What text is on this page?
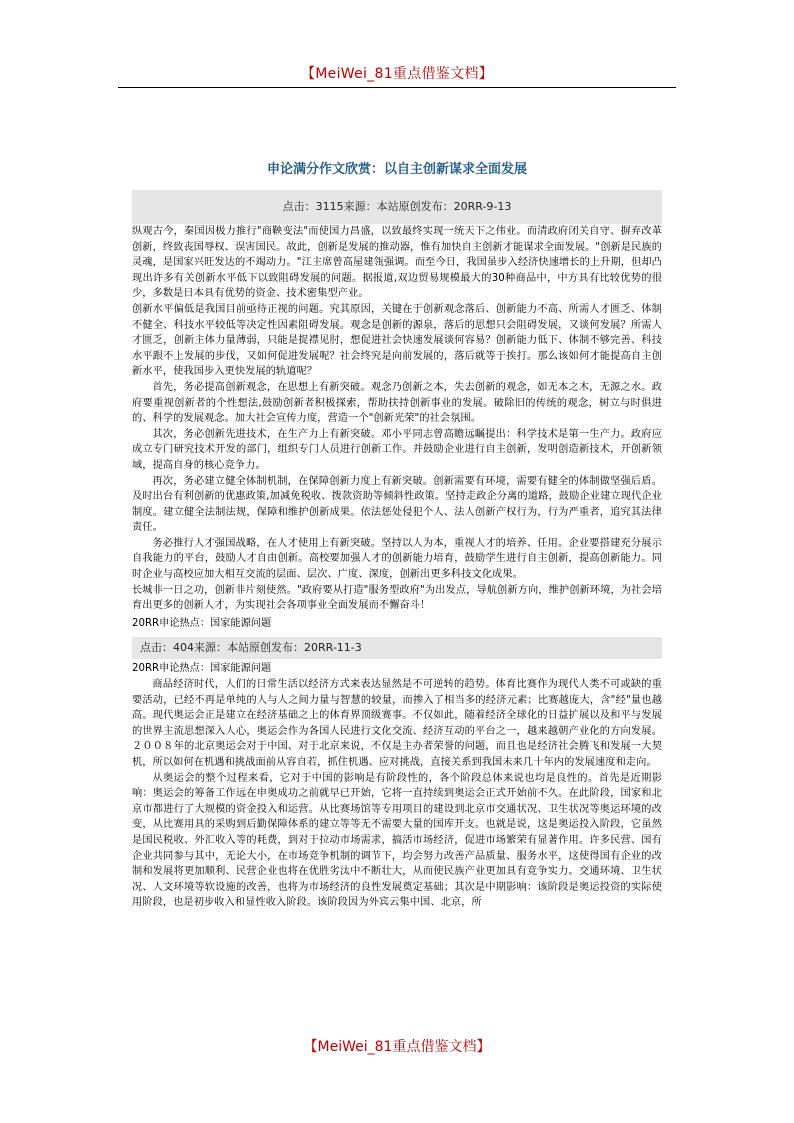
【MeiWei_81重点借鉴文档】
申论满分作文欣赏：以自主创新谋求全面发展
点击：3115来源：本站原创发布：20RR-9-13

纵观古今，秦国因极力推行"商鞅变法"而使国力昌盛，以致最终实现一统天下之伟业。而清政府闭关自守、摒弃改革创新，终致丧国辱权、误害国民。故此，创新是发展的推动器，惟有加快自主创新才能谋求全面发展。"创新是民族的灵魂，是国家兴旺发达的不竭动力。"江主席曾高屋建瓴强调。而至今日，我国虽步入经济快速增长的上升期，但却凸现出许多有关创新水平低下以致阻碍发展的问题。据报道,双边贸易规模最大的30种商品中，中方具有比较优势的很少，多数是日本具有优势的资金、技术密集型产业。

创新水平偏低是我国目前亟待正视的问题。究其原因，关键在于创新观念落后、创新能力不高、所需人才匮乏、体制不健全、科技水平较低等决定性因素阻碍发展。观念是创新的源泉，落后的思想只会阻碍发展，又谈何发展？所需人才匮乏，创新主体力量薄弱，只能是捉襟见肘，想促进社会快速发展谈何容易？创新能力低下、体制不够完善、科技水平跟不上发展的步伐，又如何促进发展呢？社会终究是向前发展的，落后就等于挨打。那么该如何才能提高自主创新水平，使我国步入更快发展的轨道呢？

首先，务必提高创新观念，在思想上有新突破。观念乃创新之本，失去创新的观念，如无本之木，无源之水。政府要重视创新者的个性想法,鼓励创新者积极探索，帮助扶持创新事业的发展。破除旧的传统的观念，树立与时俱进的、科学的发展观念。加大社会宣传力度，营造一个"创新光荣"的社会氛围。

其次，务必创新先进技术，在生产力上有新突破。邓小平同志曾高瞻远瞩提出：科学技术是第一生产力。政府应成立专门研究技术开发的部门，组织专门人员进行创新工作。并鼓励企业进行自主创新，发明创造新技术，开创新领域，提高自身的核心竞争力。

再次，务必建立健全体制机制，在保障创新力度上有新突破。创新需要有环境，需要有健全的体制做坚强后盾。及时出台有利创新的优惠政策,加减免税收、拨款资助等倾斜性政策。坚持走政企分离的道路，鼓励企业建立现代企业制度。建立健全法制法规，保障和维护创新成果。依法惩处侵犯个人、法人创新产权行为，行为严重者，追究其法律责任。

务必推行人才强国战略，在人才使用上有新突破。坚持以人为本，重视人才的培养、任用。企业要搭建充分展示自我能力的平台，鼓励人才自由创新。高校要加强人才的创新能力培育，鼓励学生进行自主创新，提高创新能力。同时企业与高校应加大相互交流的层面、层次、广度、深度，创新出更多科技文化成果。

长城非一日之功，创新非片刻使然。"政府要从打造"服务型政府"为出发点，导航创新方向，维护创新环境，为社会培育出更多的创新人才，为实现社会各项事业全面发展而不懈奋斗！

20RR申论热点：国家能源问题
点击：404来源：本站原创发布：20RR-11-3
20RR申论热点：国家能源问题

商品经济时代，人们的日常生活以经济方式来表达显然是不可逆转的趋势。体育比赛作为现代人类不可或缺的重要活动，已经不再是单纯的人与人之间力量与智慧的较量，而掺入了相当多的经济元素；比赛越庞大，含"经"量也越高。现代奥运会正是建立在经济基础之上的体育界顶级赛事。不仅如此，随着经济全球化的日益扩展以及和平与发展的世界主流思想深入人心，奥运会作为各国人民进行文化交流、经济互动的平台之一，越来越朝产业化的方向发展。２００８年的北京奥运会对于中国、对于北京来说，不仅是主办者荣誉的问题，而且也是经济社会腾飞和发展一大契机，所以如何在机遇和挑战面前从容自若，抓住机遇、应对挑战，直接关系到我国未来几十年内的发展速度和走向。

从奥运会的整个过程来看，它对于中国的影响是有阶段性的，各个阶段总体来说也均是良性的。首先是近期影响：奥运会的筹备工作远在申奥成功之前就早已开始，它将一直持续到奥运会正式开始前不久。在此阶段，国家和北京市都进行了大规模的资金投入和运营。从比赛场馆等专用项目的建设到北京市交通状况、卫生状况等奥运环境的改变，从比赛用具的采购到后勤保障体系的建立等等无不需要大量的国库开支。也就是说，这是奥运投入阶段，它虽然是国民税收、外汇收入等的耗费，到对于拉动市场需求，搞活市场经济，促进市场繁荣有显著作用。许多民营、国有企业共同参与其中，无论大小，在市场竞争机制的调节下，均会努力改善产品质量、服务水平，这使得国有企业的改制和发展将更加顺利、民营企业也将在优胜劣汰中不断壮大，从而使民族产业更加具有竞争实力。交通环境、卫生状况、人文环境等软设施的改善，也将为市场经济的良性发展奠定基础；其次是中期影响：该阶段是奥运投资的实际使用阶段，也是初步收入和显性收入阶段。该阶段因为外宾云集中国、北京，所

【MeiWei_81重点借鉴文档】
